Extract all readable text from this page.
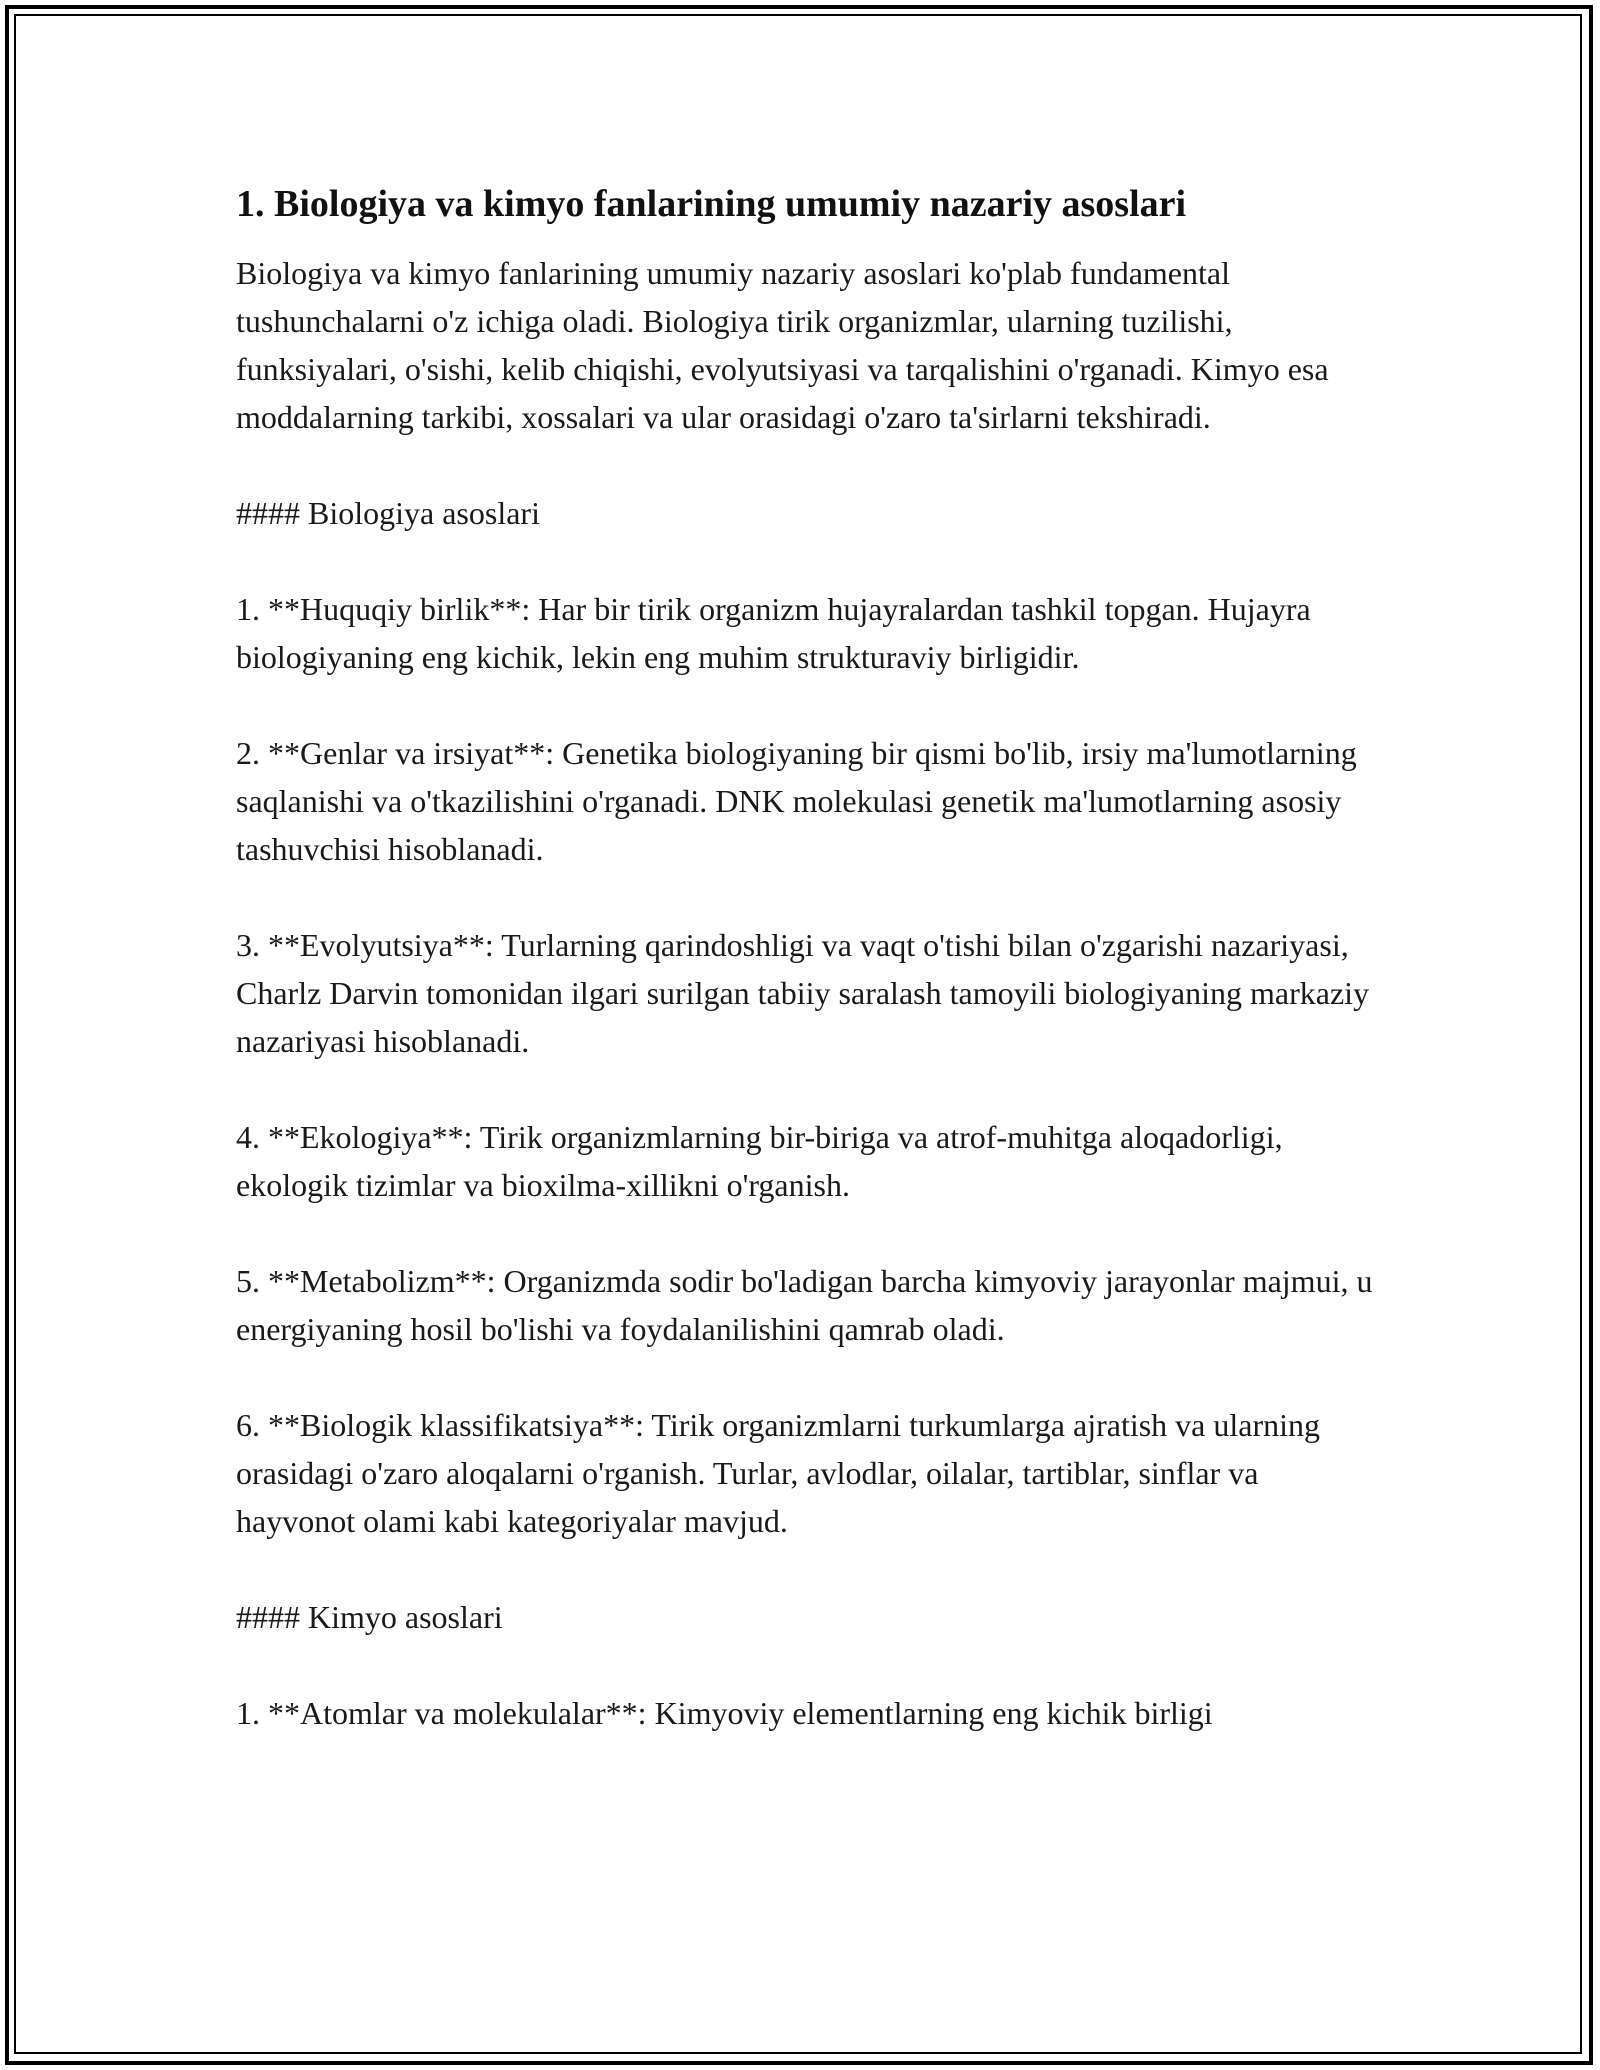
1. Biologiya va kimyo fanlarining umumiy nazariy asoslari

Biologiya va kimyo fanlarining umumiy nazariy asoslari ko'plab fundamental tushunchalarni o'z ichiga oladi. Biologiya tirik organizmlar, ularning tuzilishi, funksiyalari, o'sishi, kelib chiqishi, evolyutsiyasi va tarqalishini o'rganadi. Kimyo esa moddalarning tarkibi, xossalari va ular orasidagi o'zaro ta'sirlarni tekshiradi.

#### Biologiya asoslari

1. **Huquqiy birlik**: Har bir tirik organizm hujayralardan tashkil topgan. Hujayra biologiyaning eng kichik, lekin eng muhim strukturaviy birligidir.

2. **Genlar va irsiyat**: Genetika biologiyaning bir qismi bo'lib, irsiy ma'lumotlarning saqlanishi va o'tkazilishini o'rganadi. DNK molekulasi genetik ma'lumotlarning asosiy tashuvchisi hisoblanadi.

3. **Evolyutsiya**: Turlarning qarindoshligi va vaqt o'tishi bilan o'zgarishi nazariyasi, Charlz Darvin tomonidan ilgari surilgan tabiiy saralash tamoyili biologiyaning markaziy nazariyasi hisoblanadi.

4. **Ekologiya**: Tirik organizmlarning bir-biriga va atrof-muhitga aloqadorligi, ekologik tizimlar va bioxilma-xillikni o'rganish.

5. **Metabolizm**: Organizmda sodir bo'ladigan barcha kimyoviy jarayonlar majmui, u energiyaning hosil bo'lishi va foydalanilishini qamrab oladi.

6. **Biologik klassifikatsiya**: Tirik organizmlarni turkumlarga ajratish va ularning orasidagi o'zaro aloqalarni o'rganish. Turlar, avlodlar, oilalar, tartiblar, sinflar va hayvonot olami kabi kategoriyalar mavjud.

#### Kimyo asoslari

1. **Atomlar va molekulalar**: Kimyoviy elementlarning eng kichik birligi
